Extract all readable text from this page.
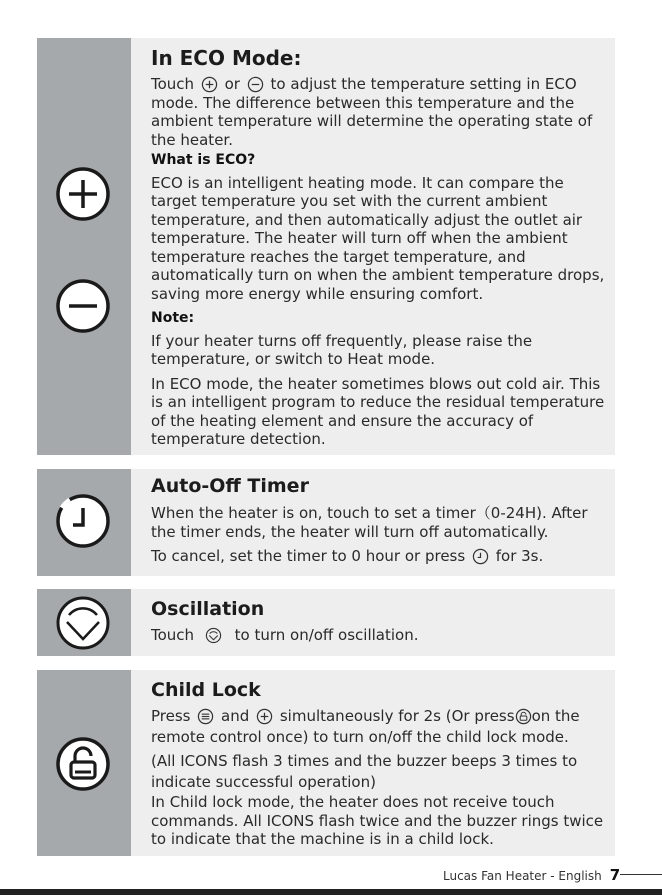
In ECO Mode:

Touch or to adjust the temperature setting in ECO mode. The difference between this temperature and the ambient temperature will determine the operating state of the heater.

What is ECO?

ECO is an intelligent heating mode. It can compare the target temperature you set with the current ambient temperature, and then automatically adjust the outlet air temperature. The heater will turn off when the ambient temperature reaches the target temperature, and automatically turn on when the ambient temperature drops, saving more energy while ensuring comfort.

Note:

If your heater turns off frequently, please raise the temperature, or switch to Heat mode.

In ECO mode, the heater sometimes blows out cold air. This is an intelligent program to reduce the residual temperature of the heating element and ensure the accuracy of temperature detection.

Auto-Off Timer

When the heater is on, touch to set a timer（0-24H). After the timer ends, the heater will turn off automatically.

To cancel, set the timer to 0 hour or press for 3s.

Oscillation

Touch	to turn on/off oscillation.

Child Lock

Press and simultaneously for 2s (Or press on the remote control once) to turn on/off the child lock mode.

(All ICONS flash 3 times and the buzzer beeps 3 times to indicate successful operation)

In Child lock mode, the heater does not receive touch commands. All ICONS flash twice and the buzzer rings twice to indicate that the machine is in a child lock.

Lucas Fan Heater - English 7
